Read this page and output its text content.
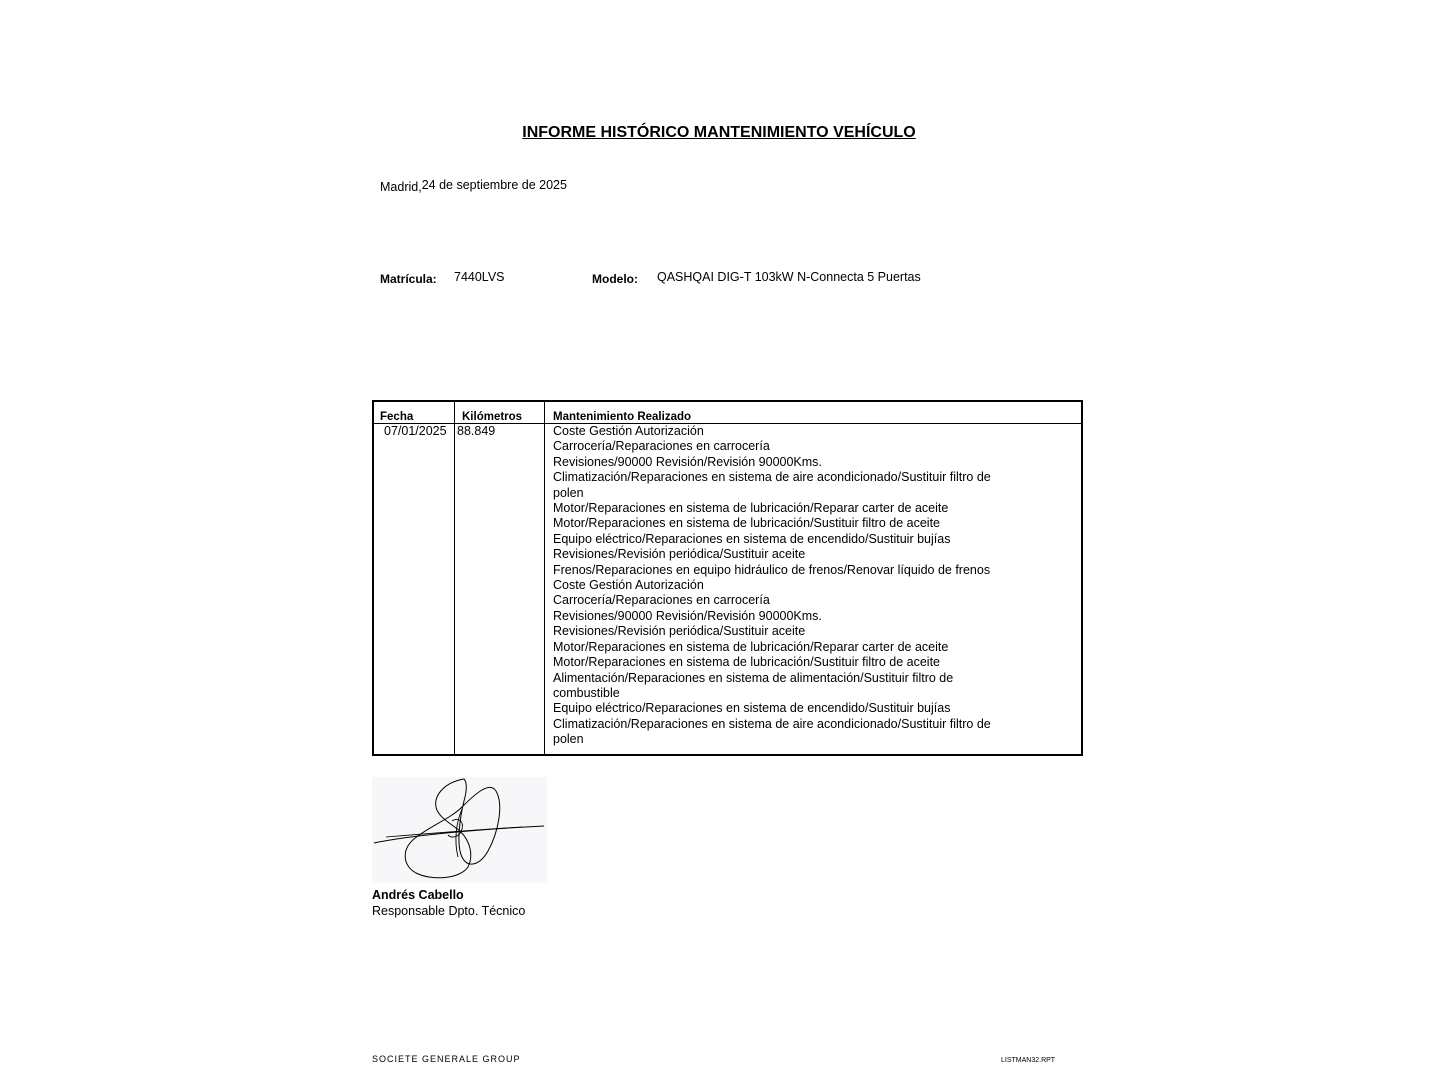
INFORME HISTÓRICO MANTENIMIENTO VEHÍCULO
Madrid,24 de septiembre de 2025
Matrícula: 7440LVS	Modelo: QASHQAI DIG-T 103kW N-Connecta 5 Puertas
Fecha	Kilómetros	Mantenimiento Realizado
07/01/2025 88.849	Coste Gestión Autorización
Carrocería/Reparaciones en carrocería
Revisiones/90000 Revisión/Revisión 90000Kms.
Climatización/Reparaciones en sistema de aire acondicionado/Sustituir filtro de
polen
Motor/Reparaciones en sistema de lubricación/Reparar carter de aceite
Motor/Reparaciones en sistema de lubricación/Sustituir filtro de aceite
Equipo eléctrico/Reparaciones en sistema de encendido/Sustituir bujías
Revisiones/Revisión periódica/Sustituir aceite
Frenos/Reparaciones en equipo hidráulico de frenos/Renovar líquido de frenos
Coste Gestión Autorización
Carrocería/Reparaciones en carrocería
Revisiones/90000 Revisión/Revisión 90000Kms.
Revisiones/Revisión periódica/Sustituir aceite
Motor/Reparaciones en sistema de lubricación/Reparar carter de aceite
Motor/Reparaciones en sistema de lubricación/Sustituir filtro de aceite
Alimentación/Reparaciones en sistema de alimentación/Sustituir filtro de
combustible
Equipo eléctrico/Reparaciones en sistema de encendido/Sustituir bujías
Climatización/Reparaciones en sistema de aire acondicionado/Sustituir filtro de
polen
Andrés Cabello
Responsable Dpto. Técnico
SOCIETE GENERALE GROUP	LISTMAN32.RPT
